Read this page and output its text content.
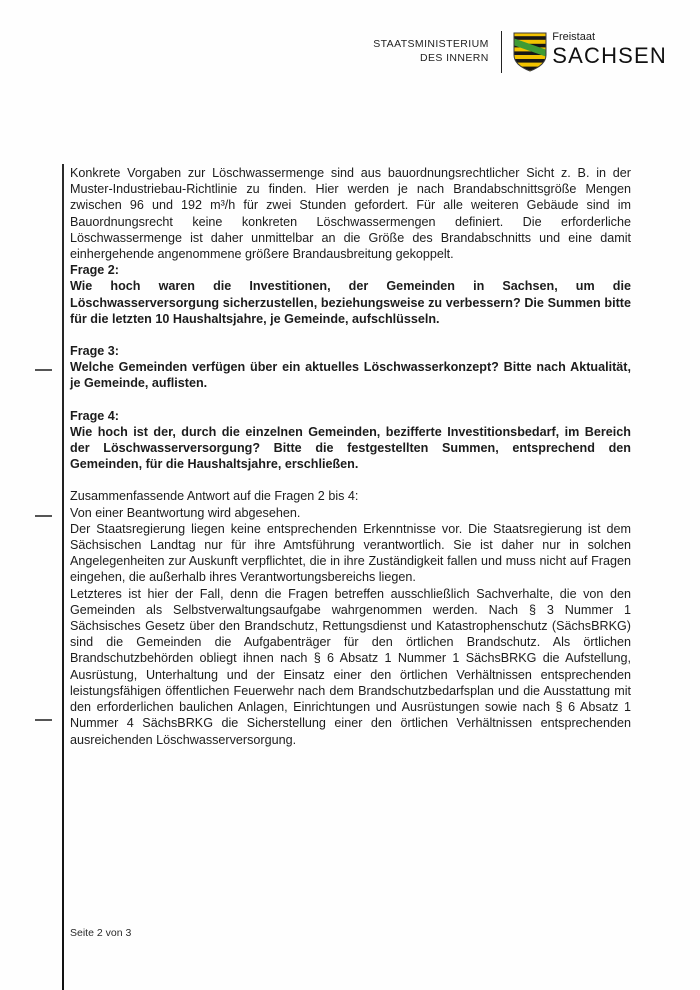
STAATSMINISTERIUM
DES INNERN
Freistaat
SACHSEN

Konkrete Vorgaben zur Löschwassermenge sind aus bauordnungsrechtlicher Sicht z. B. in der Muster-Industriebau-Richtlinie zu finden. Hier werden je nach Brandabschnittsgröße Mengen zwischen 96 und 192 m³/h für zwei Stunden gefordert. Für alle weiteren Gebäude sind im Bauordnungsrecht keine konkreten Löschwassermengen definiert. Die erforderliche Löschwassermenge ist daher unmittelbar an die Größe des Brandabschnitts und eine damit einhergehende angenommene größere Brandausbreitung gekoppelt.

Frage 2:
Wie hoch waren die Investitionen, der Gemeinden in Sachsen, um die Löschwasserversorgung sicherzustellen, beziehungsweise zu verbessern? Die Summen bitte für die letzten 10 Haushaltsjahre, je Gemeinde, aufschlüsseln.
Frage 3:
Welche Gemeinden verfügen über ein aktuelles Löschwasserkonzept? Bitte nach Aktualität, je Gemeinde, auflisten.
Frage 4:
Wie hoch ist der, durch die einzelnen Gemeinden, bezifferte Investitionsbedarf, im Bereich der Löschwasserversorgung? Bitte die festgestellten Summen, entsprechend den Gemeinden, für die Haushaltsjahre, erschließen.

Zusammenfassende Antwort auf die Fragen 2 bis 4:

Von einer Beantwortung wird abgesehen.

Der Staatsregierung liegen keine entsprechenden Erkenntnisse vor. Die Staatsregierung ist dem Sächsischen Landtag nur für ihre Amtsführung verantwortlich. Sie ist daher nur in solchen Angelegenheiten zur Auskunft verpflichtet, die in ihre Zuständigkeit fallen und muss nicht auf Fragen eingehen, die außerhalb ihres Verantwortungsbereichs liegen.

Letzteres ist hier der Fall, denn die Fragen betreffen ausschließlich Sachverhalte, die von den Gemeinden als Selbstverwaltungsaufgabe wahrgenommen werden. Nach § 3 Nummer 1 Sächsisches Gesetz über den Brandschutz, Rettungsdienst und Katastrophenschutz (SächsBRKG) sind die Gemeinden die Aufgabenträger für den örtlichen Brandschutz. Als örtlichen Brandschutzbehörden obliegt ihnen nach § 6 Absatz 1 Nummer 1 SächsBRKG die Aufstellung, Ausrüstung, Unterhaltung und der Einsatz einer den örtlichen Verhältnissen entsprechenden leistungsfähigen öffentlichen Feuerwehr nach dem Brandschutzbedarfsplan und die Ausstattung mit den erforderlichen baulichen Anlagen, Einrichtungen und Ausrüstungen sowie nach § 6 Absatz 1 Nummer 4 SächsBRKG die Sicherstellung einer den örtlichen Verhältnissen entsprechenden ausreichenden Löschwasserversorgung.

Seite 2 von 3
